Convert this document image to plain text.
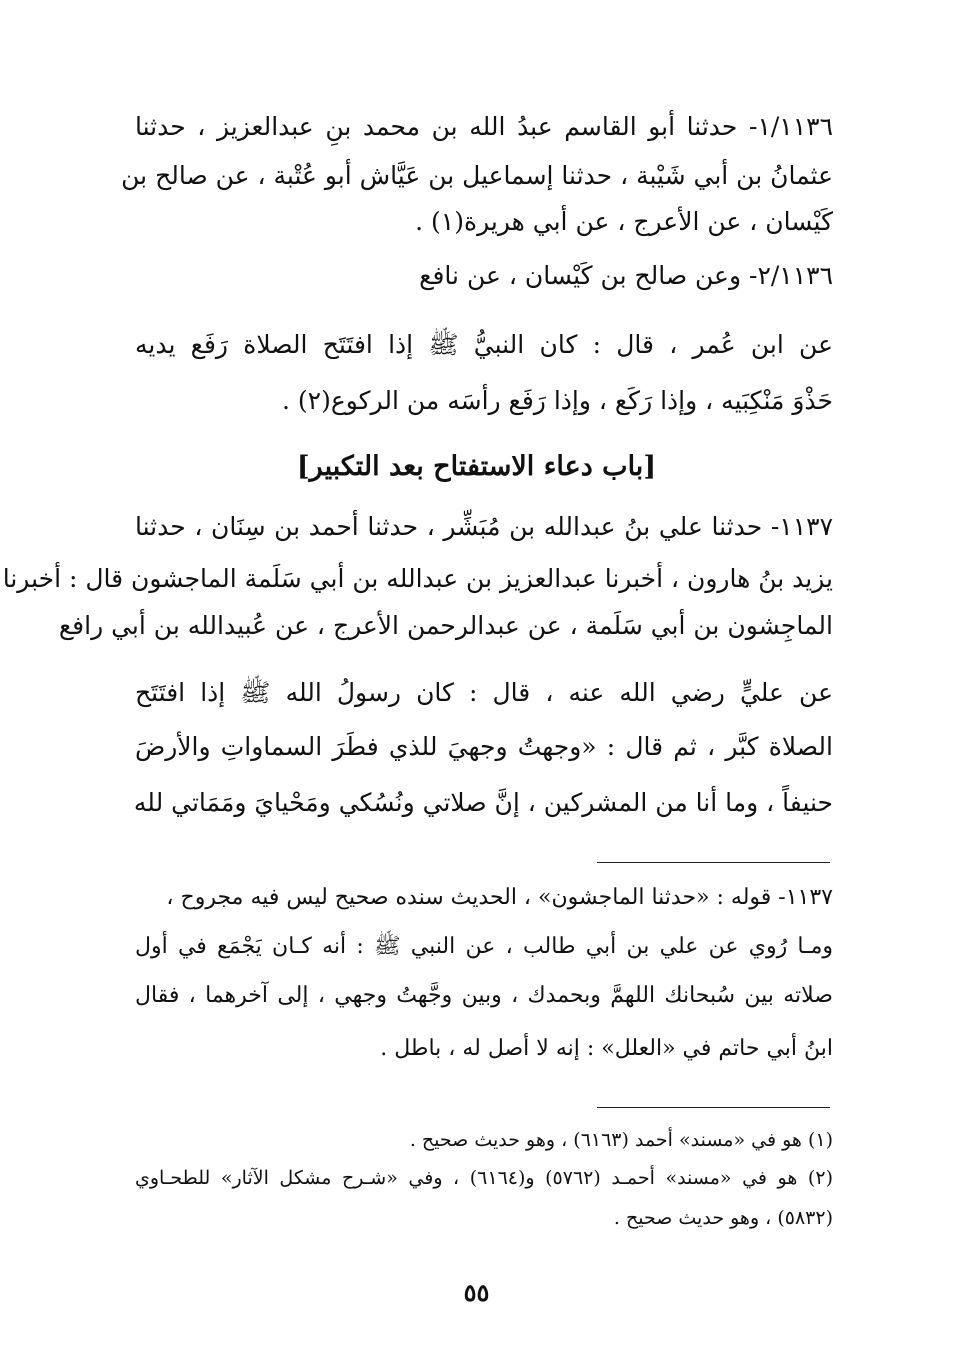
١/١١٣٦- حدثنا أبو القاسم عبدُ الله بن محمد بنِ عبدالعزيز ، حدثنا
عثمانُ بن أبي شَيْبة ، حدثنا إسماعيل بن عَيَّاش أبو عُتْبة ، عن صالح بن
كَيْسان ، عن الأعرج ، عن أبي هريرة(١) .
٢/١١٣٦- وعن صالح بن كَيْسان ، عن نافع
عن ابن عُمر ، قال : كان النبيُّ ﷺ إذا افتَتَح الصلاة رَفَع يديه
حَذْوَ مَنْكِبَيه ، وإذا رَكَع ، وإذا رَفَع رأسَه من الركوع(٢) .
[باب دعاء الاستفتاح بعد التكبير]
١١٣٧- حدثنا علي بنُ عبدالله بن مُبَشِّر ، حدثنا أحمد بن سِنَان ، حدثنا
يزيد بنُ هارون ، أخبرنا عبدالعزيز بن عبدالله بن أبي سَلَمة الماجشون قال : أخبرنا
الماجِشون بن أبي سَلَمة ، عن عبدالرحمن الأعرج ، عن عُبيدالله بن أبي رافع
عن عليٍّ رضي الله عنه ، قال : كان رسولُ الله ﷺ إذا افتَتَح
الصلاة كبَّر ، ثم قال : «وجهتُ وجهيَ للذي فطَرَ السماواتِ والأرضَ
حنيفاً ، وما أنا من المشركين ، إنَّ صلاتي ونُسُكي ومَحْيايَ ومَمَاتي لله
١١٣٧- قوله : «حدثنا الماجشون» ، الحديث سنده صحيح ليس فيه مجروح ،
ومـا رُوي عن علي بن أبي طالب ، عن النبي ﷺ : أنه كـان يَجْمَع في أول
صلاته بين سُبحانك اللهمَّ وبحمدك ، وبين وجَّهتُ وجهي ، إلى آخرهما ، فقال
ابنُ أبي حاتم في «العلل» : إنه لا أصل له ، باطل .
(١) هو في «مسند» أحمد (٦١٦٣) ، وهو حديث صحيح .
(٢) هو في «مسند» أحمـد (٥٧٦٢) و(٦١٦٤) ، وفي «شـرح مشكل الآثار» للطحـاوي
(٥٨٣٢) ، وهو حديث صحيح .
٥٥
